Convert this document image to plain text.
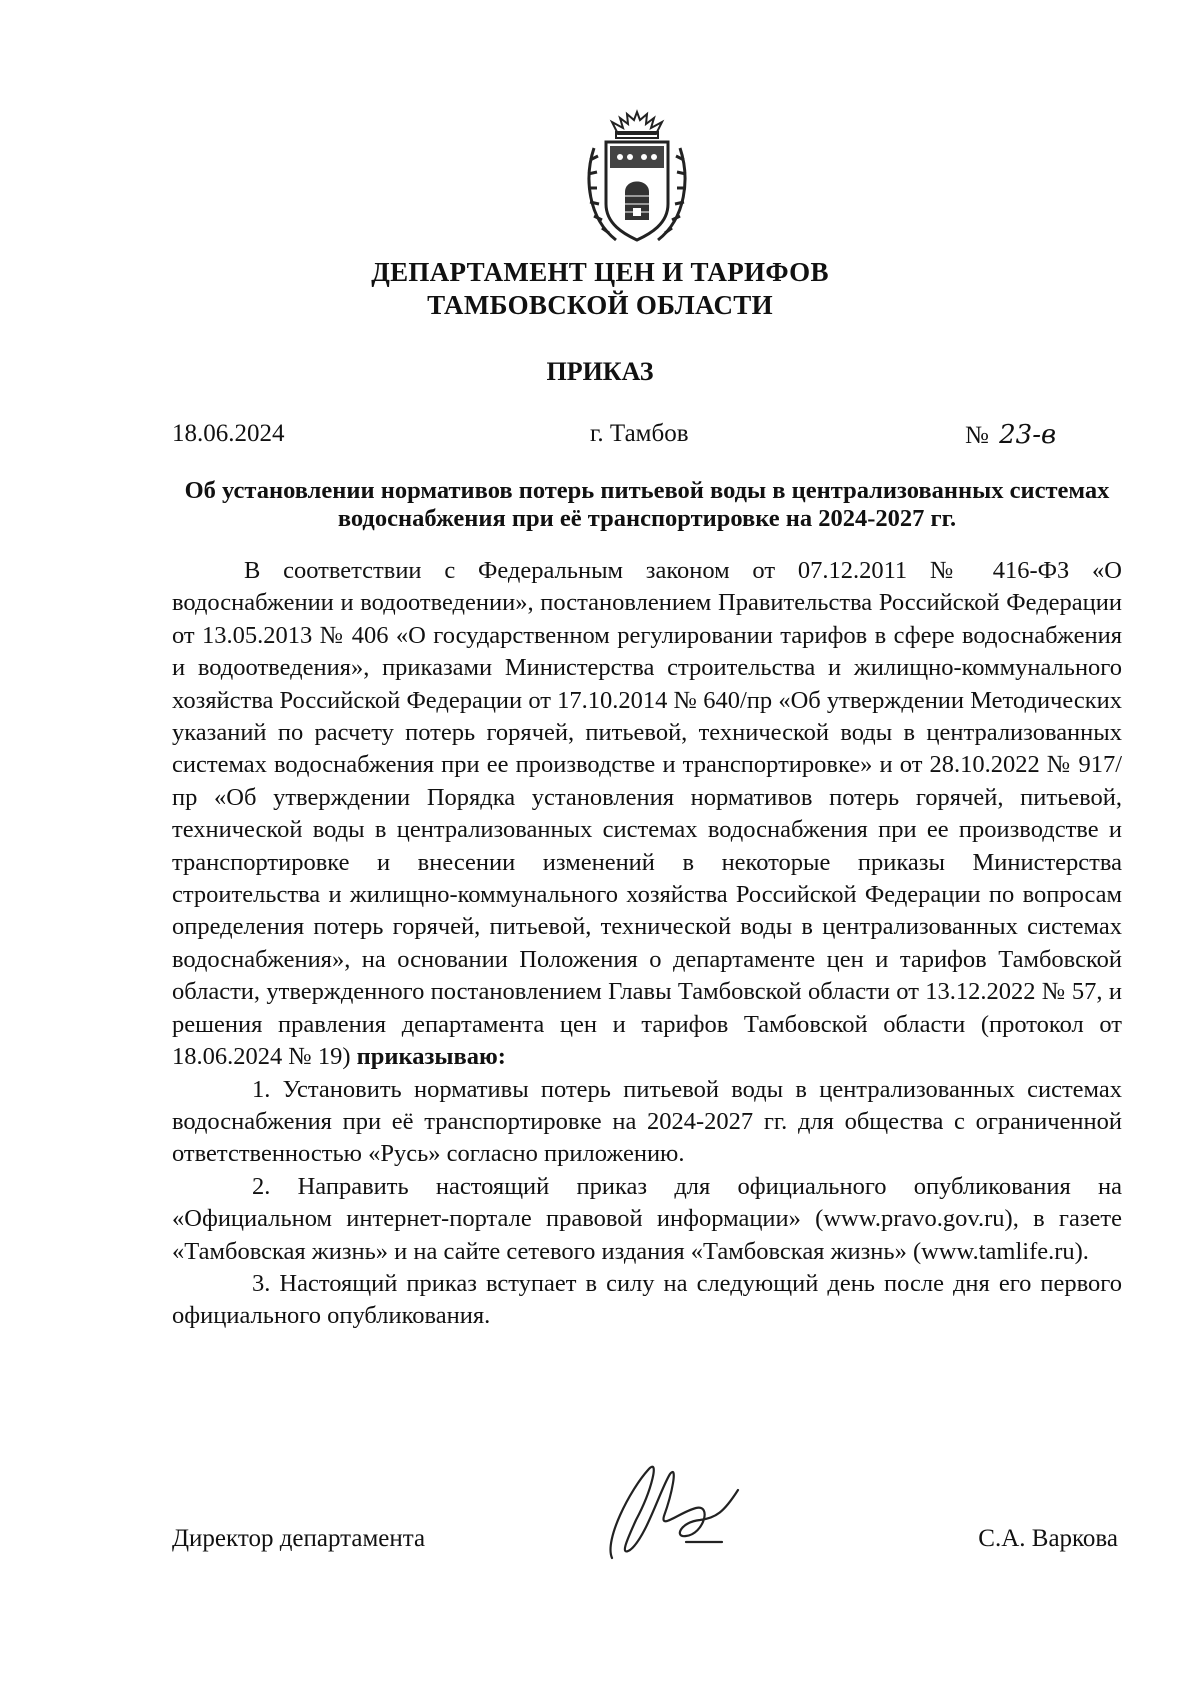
ДЕПАРТАМЕНТ ЦЕН И ТАРИФОВ
ТАМБОВСКОЙ ОБЛАСТИ
ПРИКАЗ
18.06.2024	г. Тамбов	№ 23-в
Об установлении нормативов потерь питьевой воды в централизованных системах водоснабжения при её транспортировке на 2024-2027 гг.

В соответствии с Федеральным законом от 07.12.2011 № 416-ФЗ «О водоснабжении и водоотведении», постановлением Правительства Российской Федерации от 13.05.2013 № 406 «О государственном регулировании тарифов в сфере водоснабжения и водоотведения», приказами Министерства строительства и жилищно-коммунального хозяйства Российской Федерации от 17.10.2014 № 640/пр «Об утверждении Методических указаний по расчету потерь горячей, питьевой, технической воды в централизованных системах водоснабжения при ее производстве и транспортировке» и от 28.10.2022 № 917/пр «Об утверждении Порядка установления нормативов потерь горячей, питьевой, технической воды в централизованных системах водоснабжения при ее производстве и транспортировке и внесении изменений в некоторые приказы Министерства строительства и жилищно-коммунального хозяйства Российской Федерации по вопросам определения потерь горячей, питьевой, технической воды в централизованных системах водоснабжения», на основании Положения о департаменте цен и тарифов Тамбовской области, утвержденного постановлением Главы Тамбовской области от 13.12.2022 № 57, и решения правления департамента цен и тарифов Тамбовской области (протокол от 18.06.2024 № 19) приказываю:

1. Установить нормативы потерь питьевой воды в централизованных системах водоснабжения при её транспортировке на 2024-2027 гг. для общества с ограниченной ответственностью «Русь» согласно приложению.

2. Направить настоящий приказ для официального опубликования на «Официальном интернет-портале правовой информации» (www.pravo.gov.ru), в газете «Тамбовская жизнь» и на сайте сетевого издания «Тамбовская жизнь» (www.tamlife.ru).

3. Настоящий приказ вступает в силу на следующий день после дня его первого официального опубликования.

Директор департамента	С.А. Варкова
